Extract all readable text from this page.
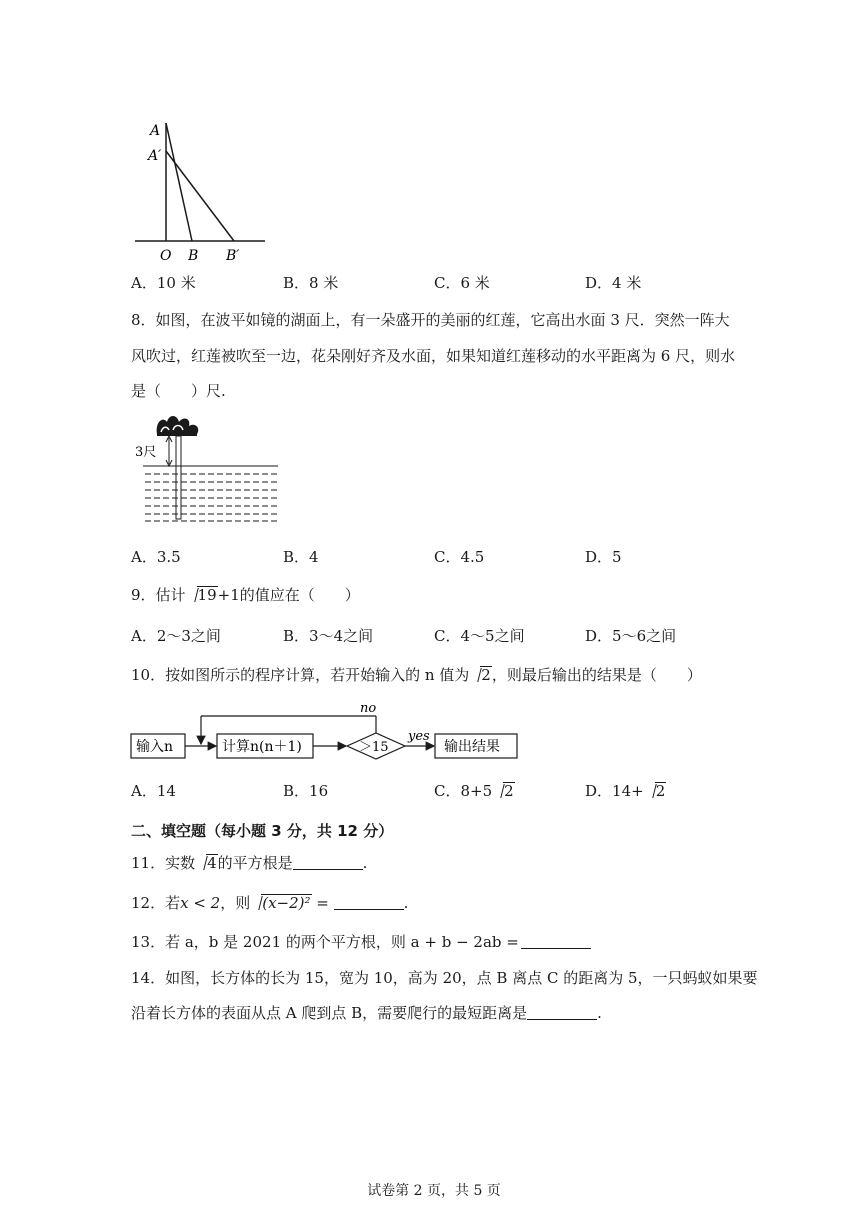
A
A′
O B B′
A．10 米	B．8 米	C．6 米	D．4 米
8．如图，在波平如镜的湖面上，有一朵盛开的美丽的红莲，它高出水面 3 尺．突然一阵大
风吹过，红莲被吹至一边，花朵刚好齐及水面，如果知道红莲移动的水平距离为 6 尺，则水
是（　　）尺.
3尺
A．3.5	B．4	C．4.5	D．5
9．估计 19+1的值应在（　　）
A．2～3之间	B．3～4之间	C．4～5之间	D．5～6之间
10．按如图所示的程序计算，若开始输入的 n 值为 2，则最后输出的结果是（　　）
输入n	计算n(n＋1)	＞15
no
yes
输出结果
A．14	B．16	C．8+5 2	D．14+ 2
二、填空题（每小题 3 分，共 12 分）
11．实数 4的平方根是	.
12．若x < 2，则 (x−2)² =	.
13．若 a，b 是 2021 的两个平方根，则 a + b − 2ab =
14．如图，长方体的长为 15，宽为 10，高为 20，点 B 离点 C 的距离为 5，一只蚂蚁如果要
沿着长方体的表面从点 A 爬到点 B，需要爬行的最短距离是	.
试卷第 2 页，共 5 页
